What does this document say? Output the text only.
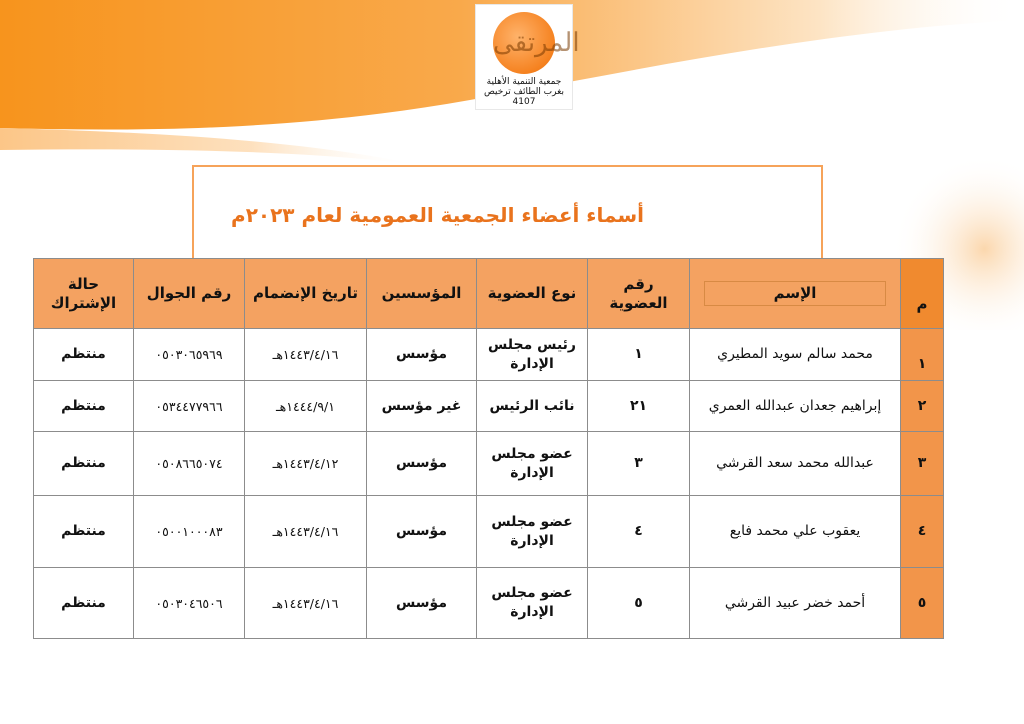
المرتقى
جمعية التنمية الأهلية
بغرب الطائف ترخيص
4107
أسماء أعضاء الجمعية العمومية لعام ٢٠٢٣م
م	الإسم	رقم العضوية	نوع العضوية	المؤسسين	تاريخ الإنضمام	رقم الجوال	حالة الإشتراك

١	محمد سالم سويد المطيري	١	رئيس مجلس الإدارة	مؤسس	١٤٤٣/٤/١٦هـ	٠٥٠٣٠٦٥٩٦٩	منتظم
٢	إبراهيم جعدان عبدالله العمري	٢١	نائب الرئيس	غير مؤسس	١٤٤٤/٩/١هـ	٠٥٣٤٤٧٧٩٦٦	منتظم
٣	عبدالله محمد سعد القرشي	٣	عضو مجلس الإدارة	مؤسس	١٤٤٣/٤/١٢هـ	٠٥٠٨٦٦٥٠٧٤	منتظم
٤	يعقوب علي محمد فايع	٤	عضو مجلس الإدارة	مؤسس	١٤٤٣/٤/١٦هـ	٠٥٠٠١٠٠٠٨٣	منتظم
٥	أحمد خضر عبيد القرشي	٥	عضو مجلس الإدارة	مؤسس	١٤٤٣/٤/١٦هـ	٠٥٠٣٠٤٦٥٠٦	منتظم
